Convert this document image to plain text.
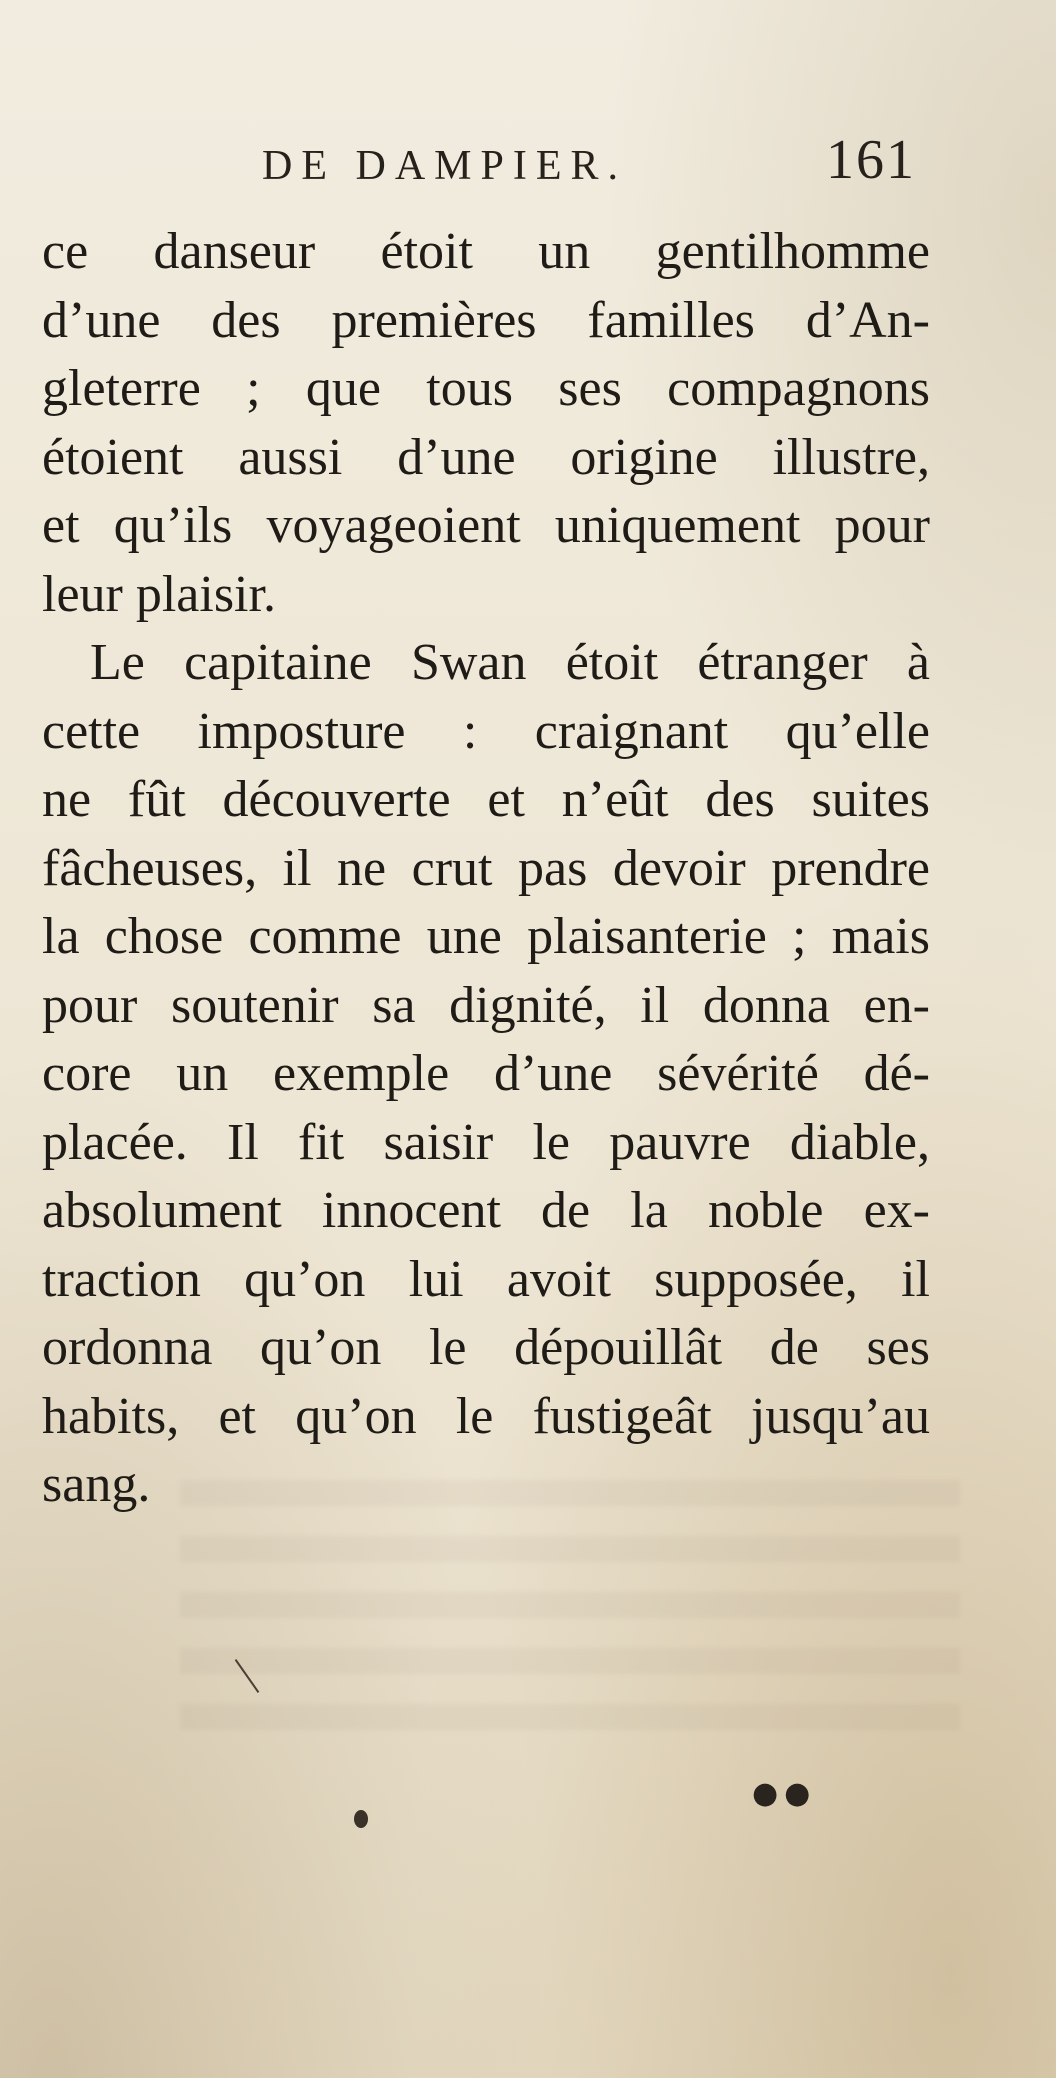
DE DAMPIER.	161
ce danseur étoit un gentilhomme
d’une des premières familles d’An-
gleterre ; que tous ses compagnons
étoient aussi d’une origine illustre,
et qu’ils voyageoient uniquement pour
leur plaisir.
Le capitaine Swan étoit étranger à
cette imposture : craignant qu’elle
ne fût découverte et n’eût des suites
fâcheuses, il ne crut pas devoir prendre
la chose comme une plaisanterie ; mais
pour soutenir sa dignité, il donna en-
core un exemple d’une sévérité dé-
placée. Il fit saisir le pauvre diable,
absolument innocent de la noble ex-
traction qu’on lui avoit supposée, il
ordonna qu’on le dépouillât de ses
habits, et qu’on le fustigeât jusqu’au
sang.
●●
